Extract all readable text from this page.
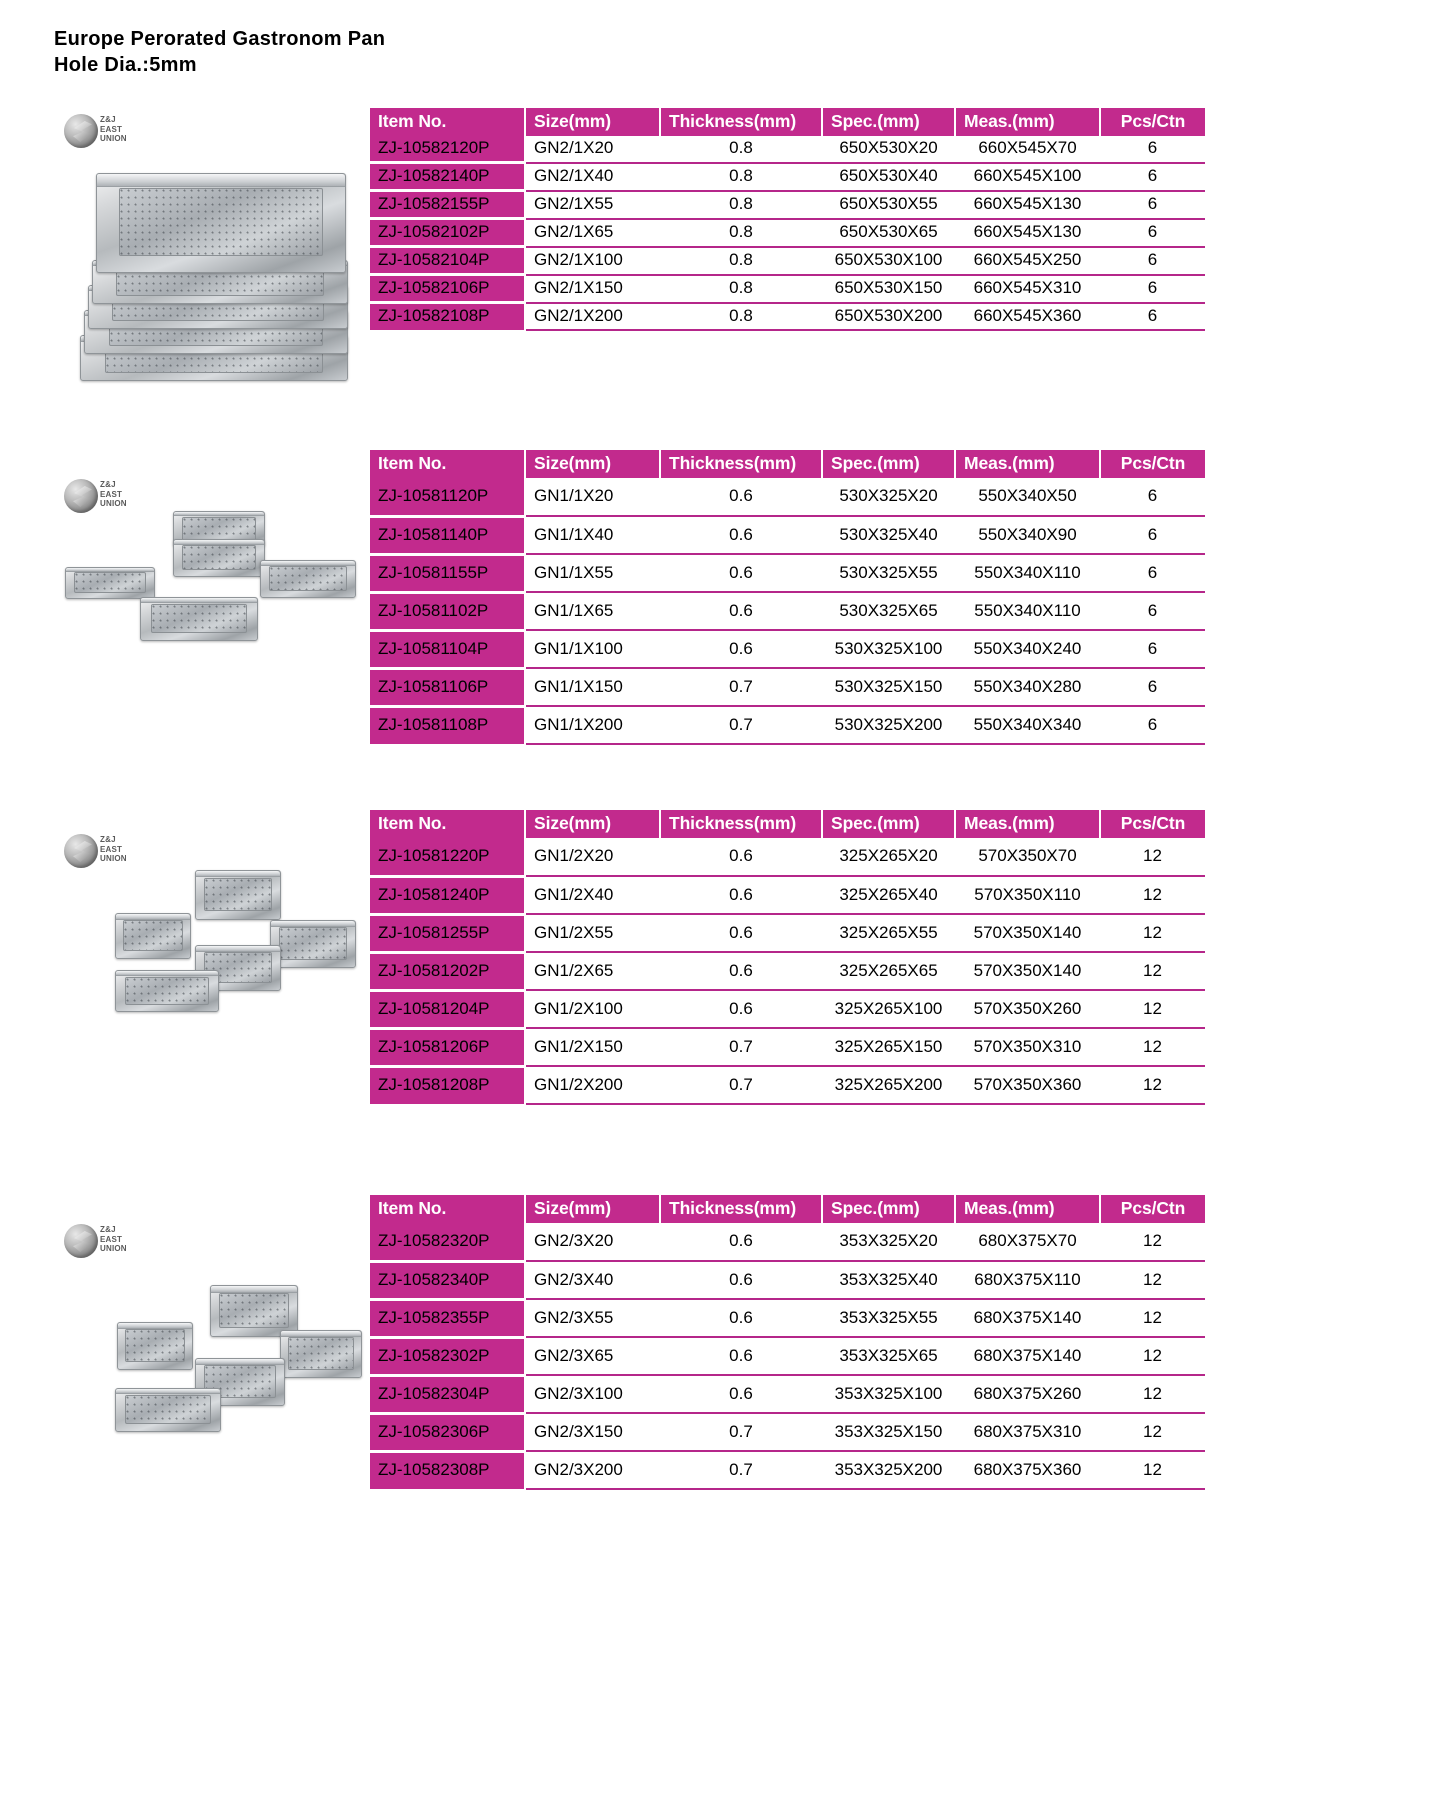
Europe Perorated Gastronom Pan
Hole Dia.:5mm
Z&J
EAST
UNION
Item No.	Size(mm)	Thickness(mm)	Spec.(mm)	Meas.(mm)	Pcs/Ctn
ZJ-10582120P	GN2/1X20	0.8	650X530X20	660X545X70	6
ZJ-10582140P	GN2/1X40	0.8	650X530X40	660X545X100	6
ZJ-10582155P	GN2/1X55	0.8	650X530X55	660X545X130	6
ZJ-10582102P	GN2/1X65	0.8	650X530X65	660X545X130	6
ZJ-10582104P	GN2/1X100	0.8	650X530X100	660X545X250	6
ZJ-10582106P	GN2/1X150	0.8	650X530X150	660X545X310	6
ZJ-10582108P	GN2/1X200	0.8	650X530X200	660X545X360	6
Z&J
EAST
UNION
Item No.	Size(mm)	Thickness(mm)	Spec.(mm)	Meas.(mm)	Pcs/Ctn
ZJ-10581120P	GN1/1X20	0.6	530X325X20	550X340X50	6
ZJ-10581140P	GN1/1X40	0.6	530X325X40	550X340X90	6
ZJ-10581155P	GN1/1X55	0.6	530X325X55	550X340X110	6
ZJ-10581102P	GN1/1X65	0.6	530X325X65	550X340X110	6
ZJ-10581104P	GN1/1X100	0.6	530X325X100	550X340X240	6
ZJ-10581106P	GN1/1X150	0.7	530X325X150	550X340X280	6
ZJ-10581108P	GN1/1X200	0.7	530X325X200	550X340X340	6
Z&J
EAST
UNION
Item No.	Size(mm)	Thickness(mm)	Spec.(mm)	Meas.(mm)	Pcs/Ctn
ZJ-10581220P	GN1/2X20	0.6	325X265X20	570X350X70	12
ZJ-10581240P	GN1/2X40	0.6	325X265X40	570X350X110	12
ZJ-10581255P	GN1/2X55	0.6	325X265X55	570X350X140	12
ZJ-10581202P	GN1/2X65	0.6	325X265X65	570X350X140	12
ZJ-10581204P	GN1/2X100	0.6	325X265X100	570X350X260	12
ZJ-10581206P	GN1/2X150	0.7	325X265X150	570X350X310	12
ZJ-10581208P	GN1/2X200	0.7	325X265X200	570X350X360	12
Z&J
EAST
UNION
Item No.	Size(mm)	Thickness(mm)	Spec.(mm)	Meas.(mm)	Pcs/Ctn
ZJ-10582320P	GN2/3X20	0.6	353X325X20	680X375X70	12
ZJ-10582340P	GN2/3X40	0.6	353X325X40	680X375X110	12
ZJ-10582355P	GN2/3X55	0.6	353X325X55	680X375X140	12
ZJ-10582302P	GN2/3X65	0.6	353X325X65	680X375X140	12
ZJ-10582304P	GN2/3X100	0.6	353X325X100	680X375X260	12
ZJ-10582306P	GN2/3X150	0.7	353X325X150	680X375X310	12
ZJ-10582308P	GN2/3X200	0.7	353X325X200	680X375X360	12
